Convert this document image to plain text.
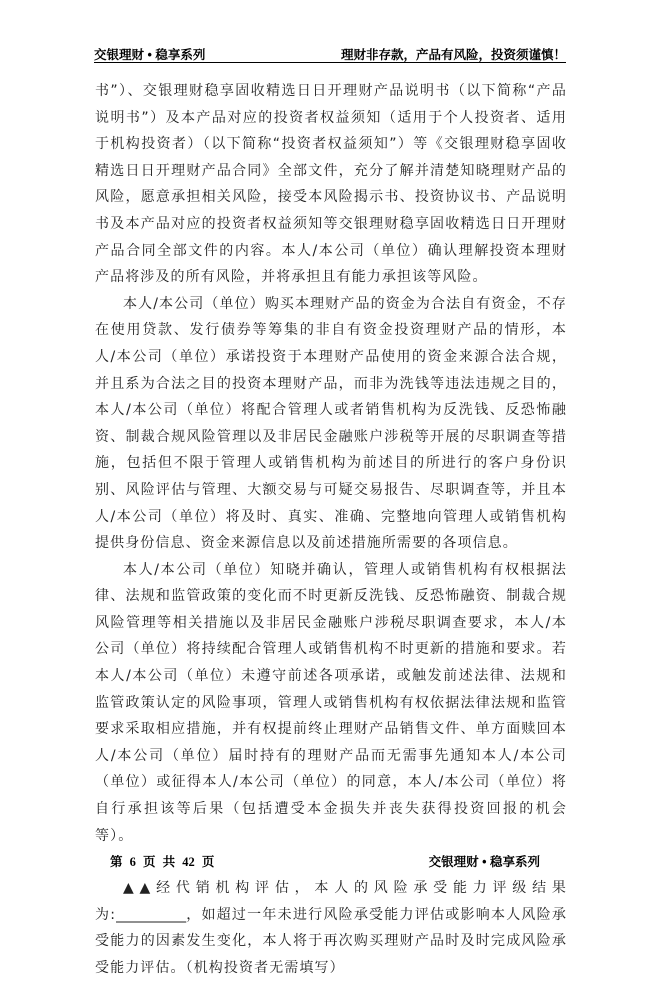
交银理财 • 稳享系列	理财非存款，产品有风险，投资须谨慎！

书”）、交银理财稳享固收精选日日开理财产品说明书（以下简称“产品说明书”）及本产品对应的投资者权益须知（适用于个人投资者、适用于机构投资者）（以下简称“投资者权益须知”）等《交银理财稳享固收精选日日开理财产品合同》全部文件，充分了解并清楚知晓理财产品的风险，愿意承担相关风险，接受本风险揭示书、投资协议书、产品说明书及本产品对应的投资者权益须知等交银理财稳享固收精选日日开理财产品合同全部文件的内容。本人/本公司（单位）确认理解投资本理财产品将涉及的所有风险，并将承担且有能力承担该等风险。

本人/本公司（单位）购买本理财产品的资金为合法自有资金，不存在使用贷款、发行债券等筹集的非自有资金投资理财产品的情形，本人/本公司（单位）承诺投资于本理财产品使用的资金来源合法合规，并且系为合法之目的投资本理财产品，而非为洗钱等违法违规之目的，本人/本公司（单位）将配合管理人或者销售机构为反洗钱、反恐怖融资、制裁合规风险管理以及非居民金融账户涉税等开展的尽职调查等措施，包括但不限于管理人或销售机构为前述目的所进行的客户身份识别、风险评估与管理、大额交易与可疑交易报告、尽职调查等，并且本人/本公司（单位）将及时、真实、准确、完整地向管理人或销售机构提供身份信息、资金来源信息以及前述措施所需要的各项信息。

本人/本公司（单位）知晓并确认，管理人或销售机构有权根据法律、法规和监管政策的变化而不时更新反洗钱、反恐怖融资、制裁合规风险管理等相关措施以及非居民金融账户涉税尽职调查要求，本人/本公司（单位）将持续配合管理人或销售机构不时更新的措施和要求。若本人/本公司（单位）未遵守前述各项承诺，或触发前述法律、法规和监管政策认定的风险事项，管理人或销售机构有权依据法律法规和监管要求采取相应措施，并有权提前终止理财产品销售文件、单方面赎回本人/本公司（单位）届时持有的理财产品而无需事先通知本人/本公司（单位）或征得本人/本公司（单位）的同意，本人/本公司（单位）将自行承担该等后果（包括遭受本金损失并丧失获得投资回报的机会等）。

▲▲经代销机构评估，本人的风险承受能力评级结果为:__________，如超过一年未进行风险承受能力评估或影响本人风险承受能力的因素发生变化，本人将于再次购买理财产品时及时完成风险承受能力评估。（机构投资者无需填写）

第 6 页 共 42 页	交银理财 • 稳享系列
